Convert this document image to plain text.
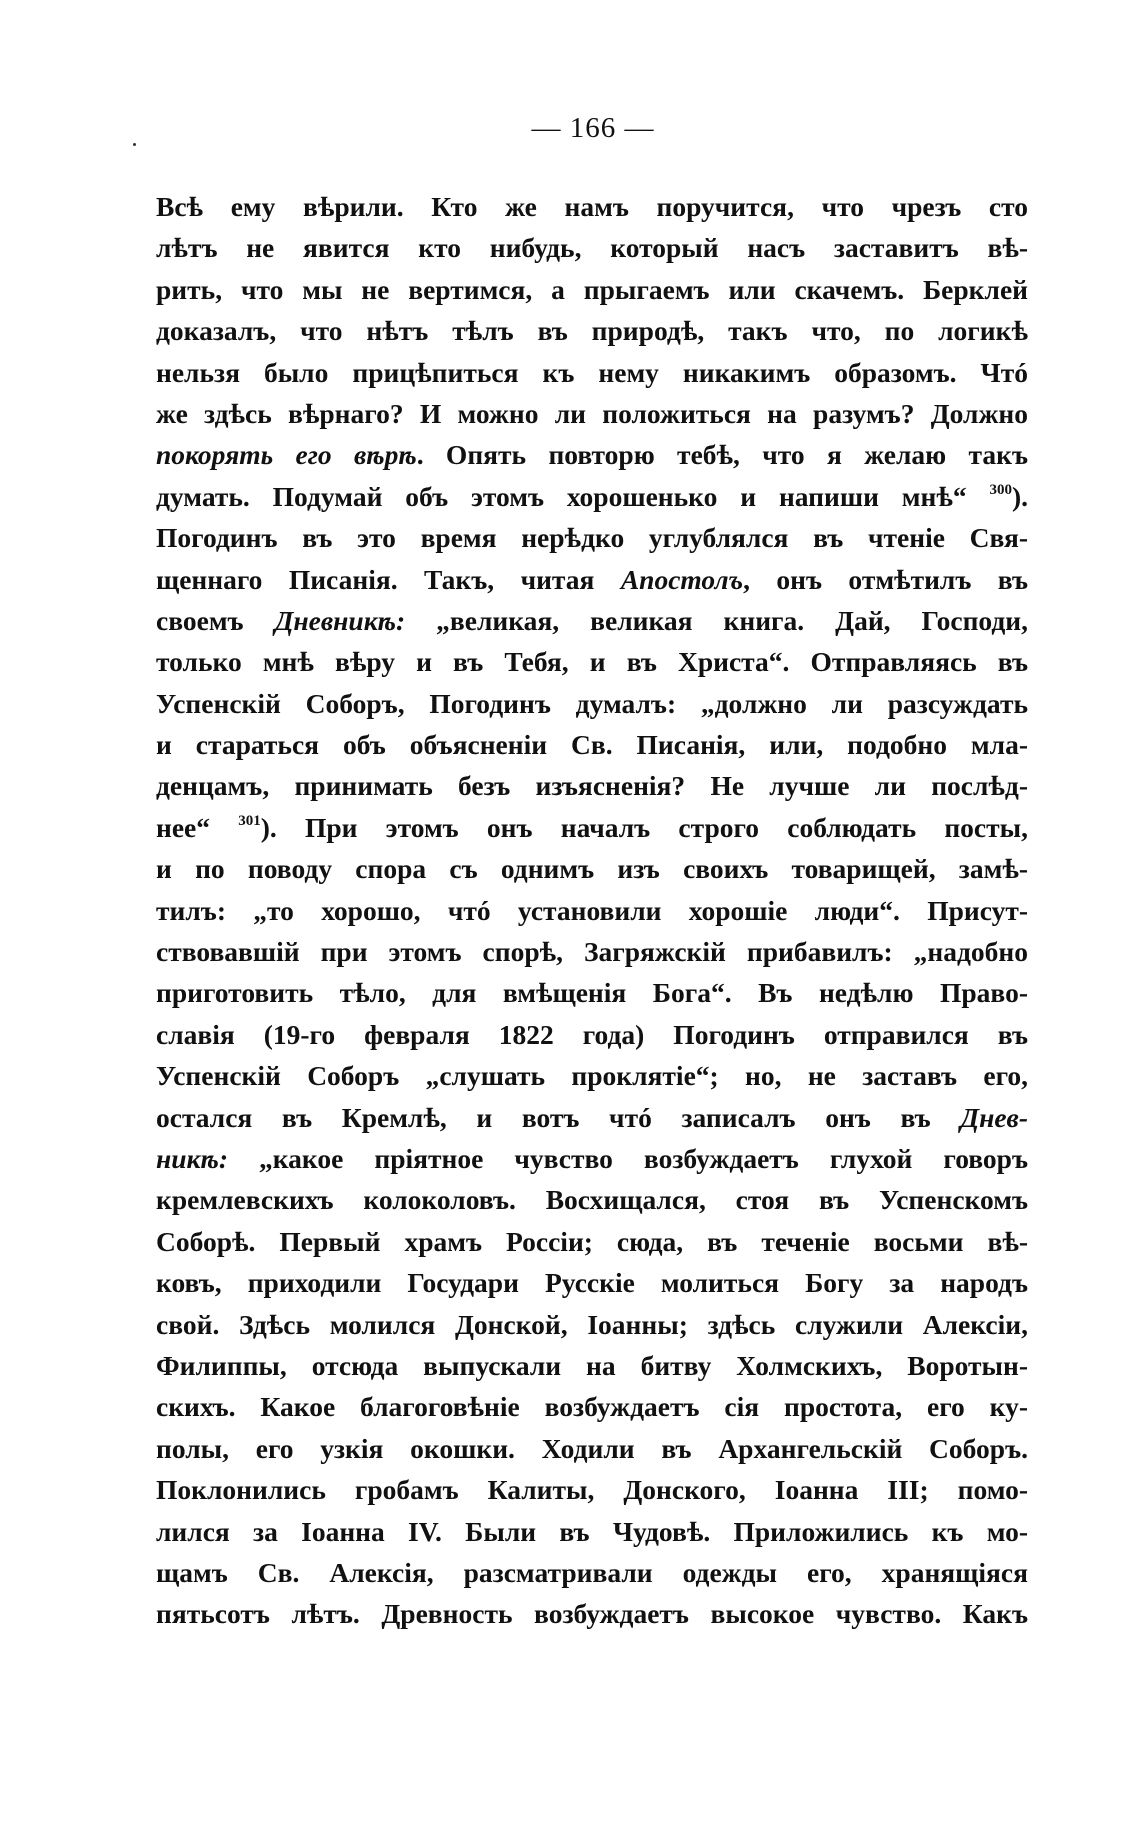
— 166 —
Всѣ ему вѣрили. Кто же намъ поручится, что чрезъ сто
лѣтъ не явится кто нибудь, который насъ заставитъ вѣ-
рить, что мы не вертимся, а прыгаемъ или скачемъ. Берклей
доказалъ, что нѣтъ тѣлъ въ природѣ, такъ что, по логикѣ
нельзя было прицѣпиться къ нему никакимъ образомъ. Чтó
же здѣсь вѣрнаго? И можно ли положиться на разумъ? Должно
покорять его вѣрѣ. Опять повторю тебѣ, что я желаю такъ
думать. Подумай объ этомъ хорошенько и напиши мнѣ“ $^{300}$).
Погодинъ въ это время нерѣдко углублялся въ чтеніе Свя-
щеннаго Писанія. Такъ, читая Апостолъ, онъ отмѣтилъ въ
своемъ Дневникѣ: „великая, великая книга. Дай, Господи,
только мнѣ вѣру и въ Тебя, и въ Христа“. Отправляясь въ
Успенскій Соборъ, Погодинъ думалъ: „должно ли разсуждать
и стараться объ объясненіи Св. Писанія, или, подобно мла-
денцамъ, принимать безъ изъясненія? Не лучше ли послѣд-
нее“ $^{301}$). При этомъ онъ началъ строго соблюдать посты,
и по поводу спора съ однимъ изъ своихъ товарищей, замѣ-
тилъ: „то хорошо, чтó установили хорошіе люди“. Присут-
ствовавшій при этомъ спорѣ, Загряжскій прибавилъ: „надобно
приготовить тѣло, для вмѣщенія Бога“. Въ недѣлю Право-
славія (19-го февраля 1822 года) Погодинъ отправился въ
Успенскій Соборъ „слушать проклятіе“; но, не заставъ его,
остался въ Кремлѣ, и вотъ чтó записалъ онъ въ Днев-
никѣ: „какое пріятное чувство возбуждаетъ глухой говоръ
кремлевскихъ колоколовъ. Восхищался, стоя въ Успенскомъ
Соборѣ. Первый храмъ Россіи; сюда, въ теченіе восьми вѣ-
ковъ, приходили Государи Русскіе молиться Богу за народъ
свой. Здѣсь молился Донской, Іоанны; здѣсь служили Алексіи,
Филиппы, отсюда выпускали на битву Холмскихъ, Воротын-
скихъ. Какое благоговѣніе возбуждаетъ сія простота, его ку-
полы, его узкія окошки. Ходили въ Архангельскій Соборъ.
Поклонились гробамъ Калиты, Донского, Іоанна III; помо-
лился за Іоанна IV. Были въ Чудовѣ. Приложились къ мо-
щамъ Св. Алексія, разсматривали одежды его, хранящіяся
пятьсотъ лѣтъ. Древность возбуждаетъ высокое чувство. Какъ
